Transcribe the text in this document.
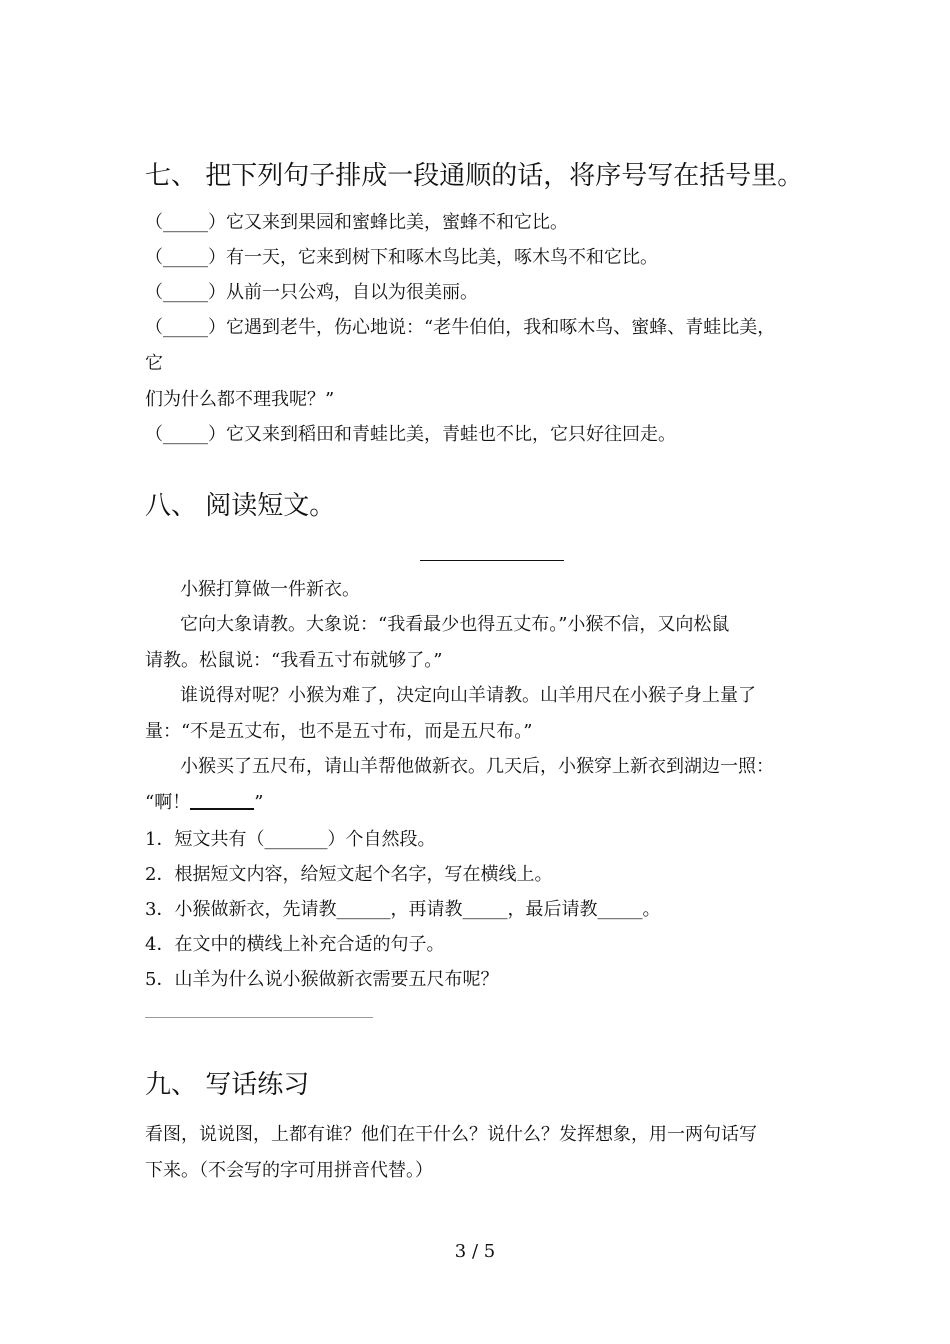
七、 把下列句子排成一段通顺的话，将序号写在括号里。
（_____）它又来到果园和蜜蜂比美，蜜蜂不和它比。
（_____）有一天，它来到树下和啄木鸟比美，啄木鸟不和它比。
（_____）从前一只公鸡，自以为很美丽。
（_____）它遇到老牛，伤心地说：“老牛伯伯，我和啄木鸟、蜜蜂、青蛙比美，
它
们为什么都不理我呢？”
（_____）它又来到稻田和青蛙比美，青蛙也不比，它只好往回走。
八、 阅读短文。
小猴打算做一件新衣。
它向大象请教。大象说：“我看最少也得五丈布。”小猴不信，又向松鼠
请教。松鼠说：“我看五寸布就够了。”
谁说得对呢？小猴为难了，决定向山羊请教。山羊用尺在小猴子身上量了
量：“不是五丈布，也不是五寸布，而是五尺布。”
小猴买了五尺布，请山羊帮他做新衣。几天后，小猴穿上新衣到湖边一照：
“啊！	”
1．短文共有（_______）个自然段。
2．根据短文内容，给短文起个名字，写在横线上。
3．小猴做新衣，先请教______，再请教_____，最后请教_____。
4．在文中的横线上补充合适的句子。
5．山羊为什么说小猴做新衣需要五尺布呢？
九、 写话练习
看图，说说图，上都有谁？他们在干什么？说什么？发挥想象，用一两句话写
下来。（不会写的字可用拼音代替。）
3 / 5
